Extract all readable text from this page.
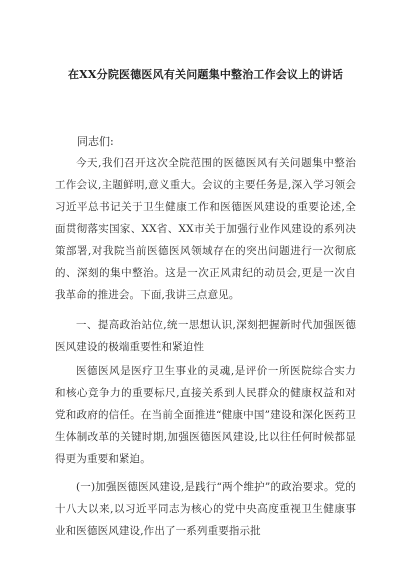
在XX分院医德医风有关问题集中整治工作会议上的讲话

同志们:

今天,我们召开这次全院范围的医德医风有关问题集中整治工作会议,主题鲜明,意义重大。会议的主要任务是,深入学习领会习近平总书记关于卫生健康工作和医德医风建设的重要论述,全面贯彻落实国家、XX省、XX市关于加强行业作风建设的系列决策部署,对我院当前医德医风领域存在的突出问题进行一次彻底的、深刻的集中整治。这是一次正风肃纪的动员会,更是一次自我革命的推进会。下面,我讲三点意见。

一、提高政治站位,统一思想认识,深刻把握新时代加强医德医风建设的极端重要性和紧迫性

医德医风是医疗卫生事业的灵魂,是评价一所医院综合实力和核心竞争力的重要标尺,直接关系到人民群众的健康权益和对党和政府的信任。在当前全面推进“健康中国”建设和深化医药卫生体制改革的关键时期,加强医德医风建设,比以往任何时候都显得更为重要和紧迫。

(一)加强医德医风建设,是践行“两个维护”的政治要求。党的十八大以来,以习近平同志为核心的党中央高度重视卫生健康事业和医德医风建设,作出了一系列重要指示批
